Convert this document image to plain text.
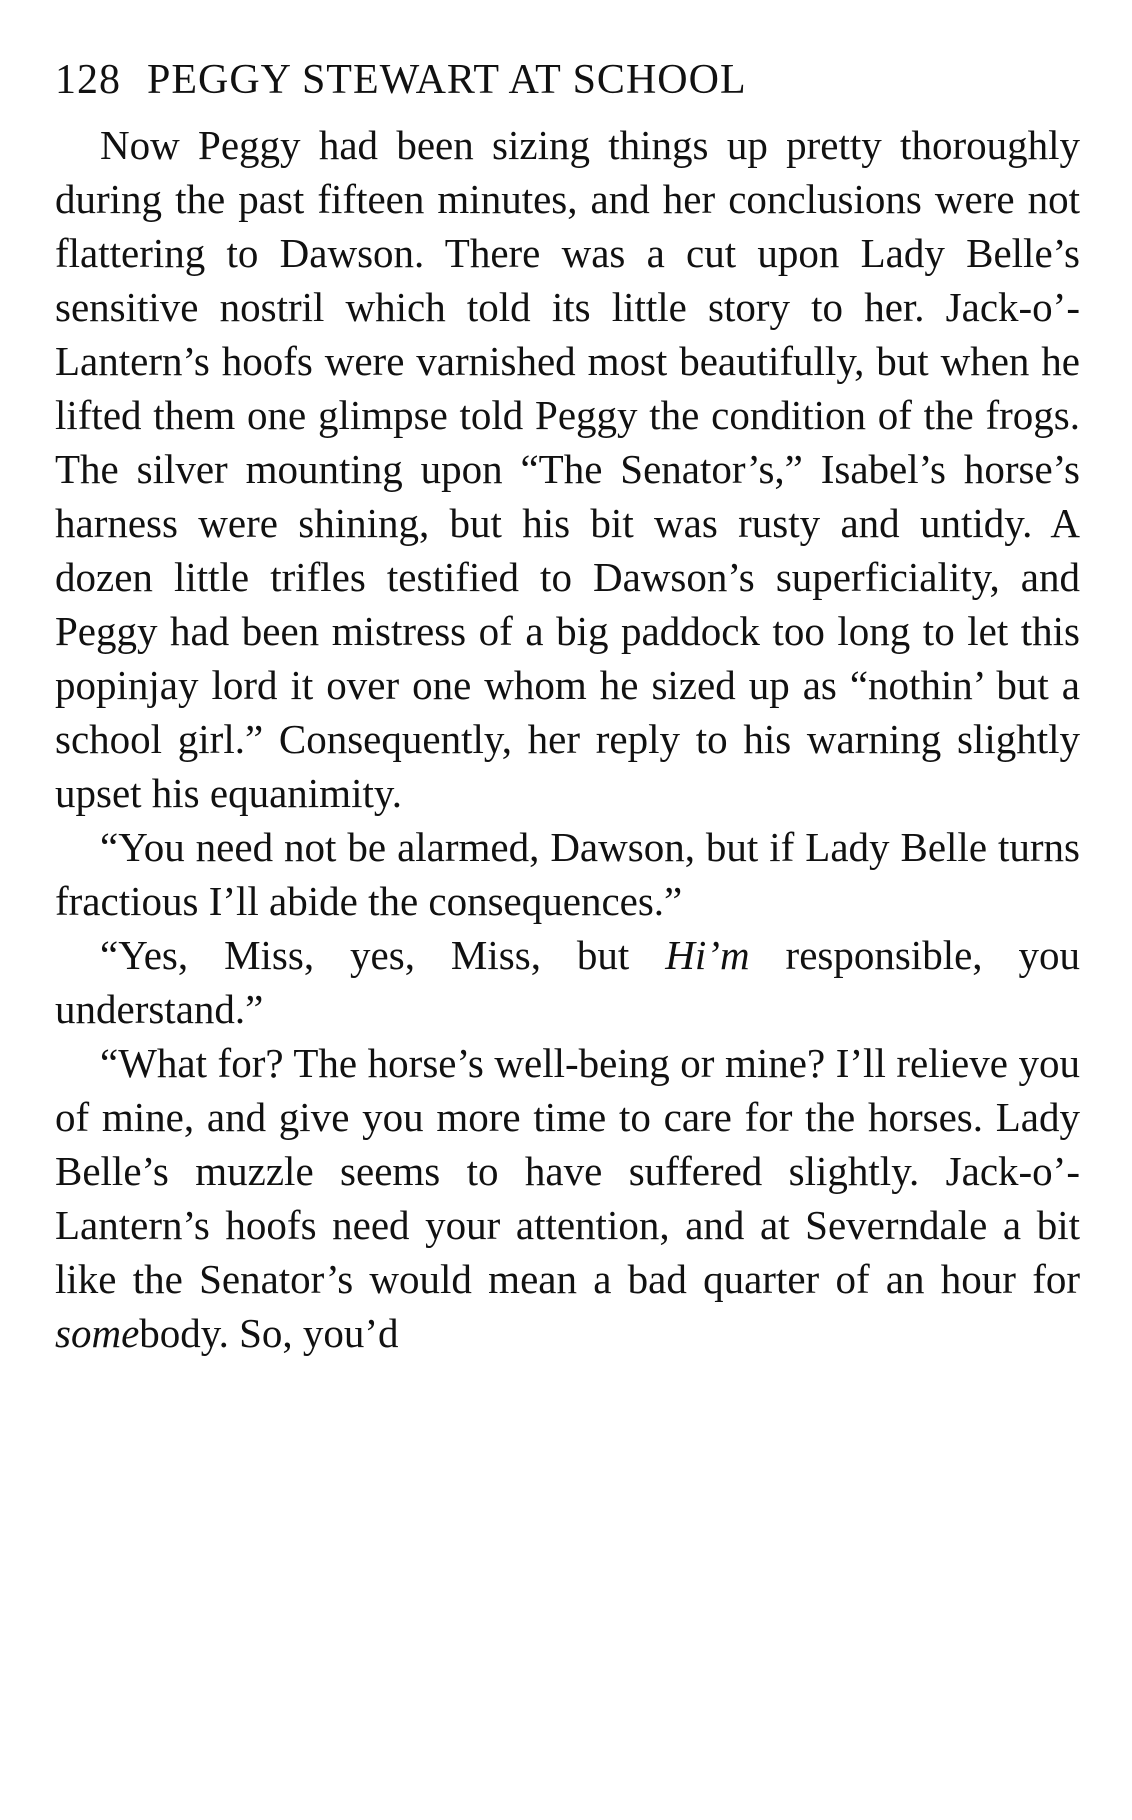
128 PEGGY STEWART AT SCHOOL

Now Peggy had been sizing things up pretty thoroughly during the past fifteen minutes, and her conclusions were not flattering to Dawson. There was a cut upon Lady Belle’s sensitive nostril which told its little story to her. Jack-o’-Lantern’s hoofs were varnished most beautifully, but when he lifted them one glimpse told Peggy the condition of the frogs. The silver mounting upon “The Senator’s,” Isabel’s horse’s harness were shining, but his bit was rusty and untidy. A dozen little trifles testified to Dawson’s superficiality, and Peggy had been mistress of a big paddock too long to let this popinjay lord it over one whom he sized up as “nothin’ but a school girl.” Consequently, her reply to his warning slightly upset his equanimity.

“You need not be alarmed, Dawson, but if Lady Belle turns fractious I’ll abide the consequences.”

“Yes, Miss, yes, Miss, but Hi’m responsible, you understand.”

“What for? The horse’s well-being or mine? I’ll relieve you of mine, and give you more time to care for the horses. Lady Belle’s muzzle seems to have suffered slightly. Jack-o’-Lantern’s hoofs need your attention, and at Severndale a bit like the Senator’s would mean a bad quarter of an hour for somebody. So, you’d
